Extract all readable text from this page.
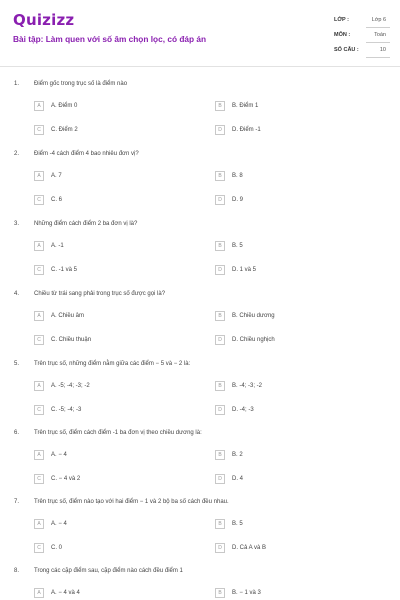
Quizizz
Bài tập: Làm quen với số âm chọn lọc, có đáp án
LỚP :	Lớp 6
MÔN :	Toán
SỐ CÂU :	10
1. Điểm gốc trong trục số là điểm nào
A	A. Điểm 0	B	B. Điểm 1
C	C. Điểm 2	D	D. Điểm -1
2. Điểm -4 cách điểm 4 bao nhiêu đơn vị?
A	A. 7	B	B. 8
C	C. 6	D	D. 9
3. Những điểm cách điểm 2 ba đơn vị là?
A	A. -1	B	B. 5
C	C. -1 và 5	D	D. 1 và 5
4. Chiều từ trái sang phải trong trục số được gọi là?
A	A. Chiều âm	B	B. Chiều dương
C	C. Chiều thuận	D	D. Chiều nghịch
5. Trên trục số, những điểm nằm giữa các điểm − 5 và − 2 là:
A	A. -5; -4; -3; -2	B	B. -4; -3; -2
C	C. -5; -4; -3	D	D. -4; -3
6. Trên trục số, điểm cách điểm -1 ba đơn vị theo chiều dương là:
A	A. − 4	B	B. 2
C	C. − 4 và 2	D	D. 4
7. Trên trục số, điểm nào tạo với hai điểm − 1 và 2 bộ ba số cách đều nhau.
A	A. − 4	B	B. 5
C	C. 0	D	D. Cả A và B
8. Trong các cặp điểm sau, cặp điểm nào cách đều điểm 1
A	A. − 4 và 4	B	B. − 1 và 3
